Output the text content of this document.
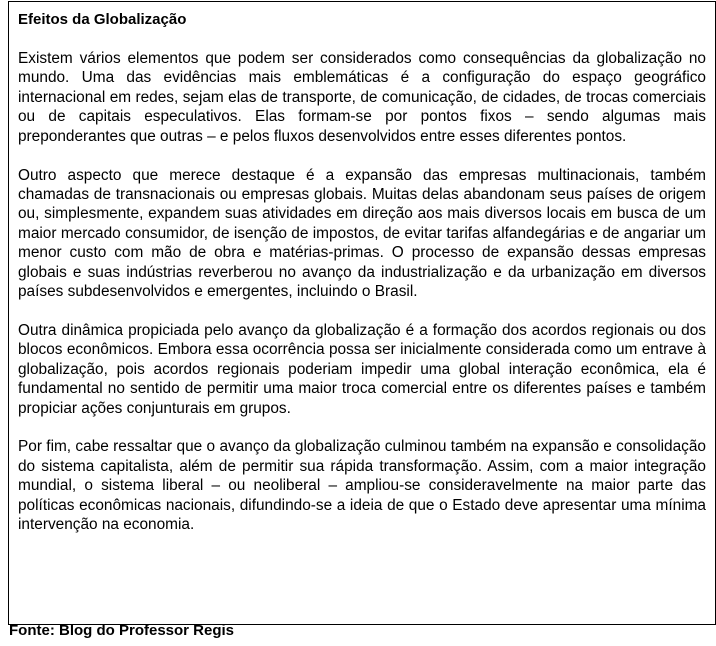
Efeitos da Globalização

Existem vários elementos que podem ser considerados como consequências da globalização no mundo. Uma das evidências mais emblemáticas é a configuração do espaço geográfico internacional em redes, sejam elas de transporte, de comunicação, de cidades, de trocas comerciais ou de capitais especulativos. Elas formam-se por pontos fixos – sendo algumas mais preponderantes que outras – e pelos fluxos desenvolvidos entre esses diferentes pontos.

Outro aspecto que merece destaque é a expansão das empresas multinacionais, também chamadas de transnacionais ou empresas globais. Muitas delas abandonam seus países de origem ou, simplesmente, expandem suas atividades em direção aos mais diversos locais em busca de um maior mercado consumidor, de isenção de impostos, de evitar tarifas alfandegárias e de angariar um menor custo com mão de obra e matérias-primas. O processo de expansão dessas empresas globais e suas indústrias reverberou no avanço da industrialização e da urbanização em diversos países subdesenvolvidos e emergentes, incluindo o Brasil.

Outra dinâmica propiciada pelo avanço da globalização é a formação dos acordos regionais ou dos blocos econômicos. Embora essa ocorrência possa ser inicialmente considerada como um entrave à globalização, pois acordos regionais poderiam impedir uma global interação econômica, ela é fundamental no sentido de permitir uma maior troca comercial entre os diferentes países e também propiciar ações conjunturais em grupos.

Por fim, cabe ressaltar que o avanço da globalização culminou também na expansão e consolidação do sistema capitalista, além de permitir sua rápida transformação. Assim, com a maior integração mundial, o sistema liberal – ou neoliberal – ampliou-se consideravelmente na maior parte das políticas econômicas nacionais, difundindo-se a ideia de que o Estado deve apresentar uma mínima intervenção na economia.

Fonte: Blog do Professor Regis
